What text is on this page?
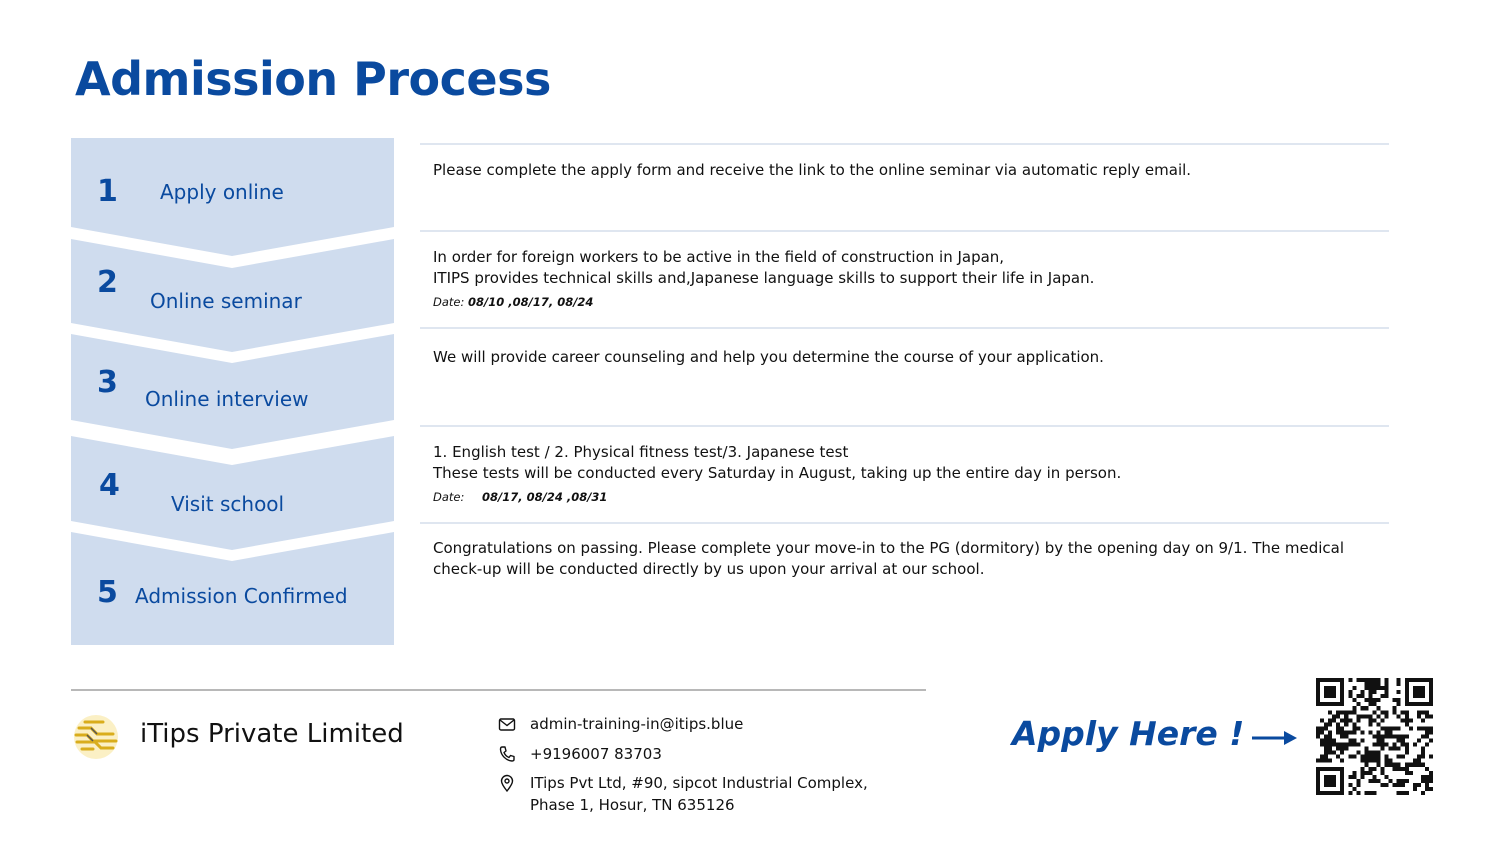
Admission Process
1 Apply online
2
Online seminar
3 Online interview
4
Visit school
5 Admission Confirmed
Please complete the apply form and receive the link to the online seminar via automatic reply email.
In order for foreign workers to be active in the field of construction in Japan,
ITIPS provides technical skills and,Japanese language skills to support their life in Japan.
Date: 08/10 ,08/17, 08/24
We will provide career counseling and help you determine the course of your application.
1. English test / 2. Physical fitness test/3. Japanese test
These tests will be conducted every Saturday in August, taking up the entire day in person.
Date: 08/17, 08/24 ,08/31
Congratulations on passing. Please complete your move-in to the PG (dormitory) by the opening day on 9/1. The medical
check-up will be conducted directly by us upon your arrival at our school.
iTips Private Limited	admin-training-in@itips.blue
+9196007 83703
ITips Pvt Ltd, #90, sipcot Industrial Complex,
Phase 1, Hosur, TN 635126
Apply Here !
